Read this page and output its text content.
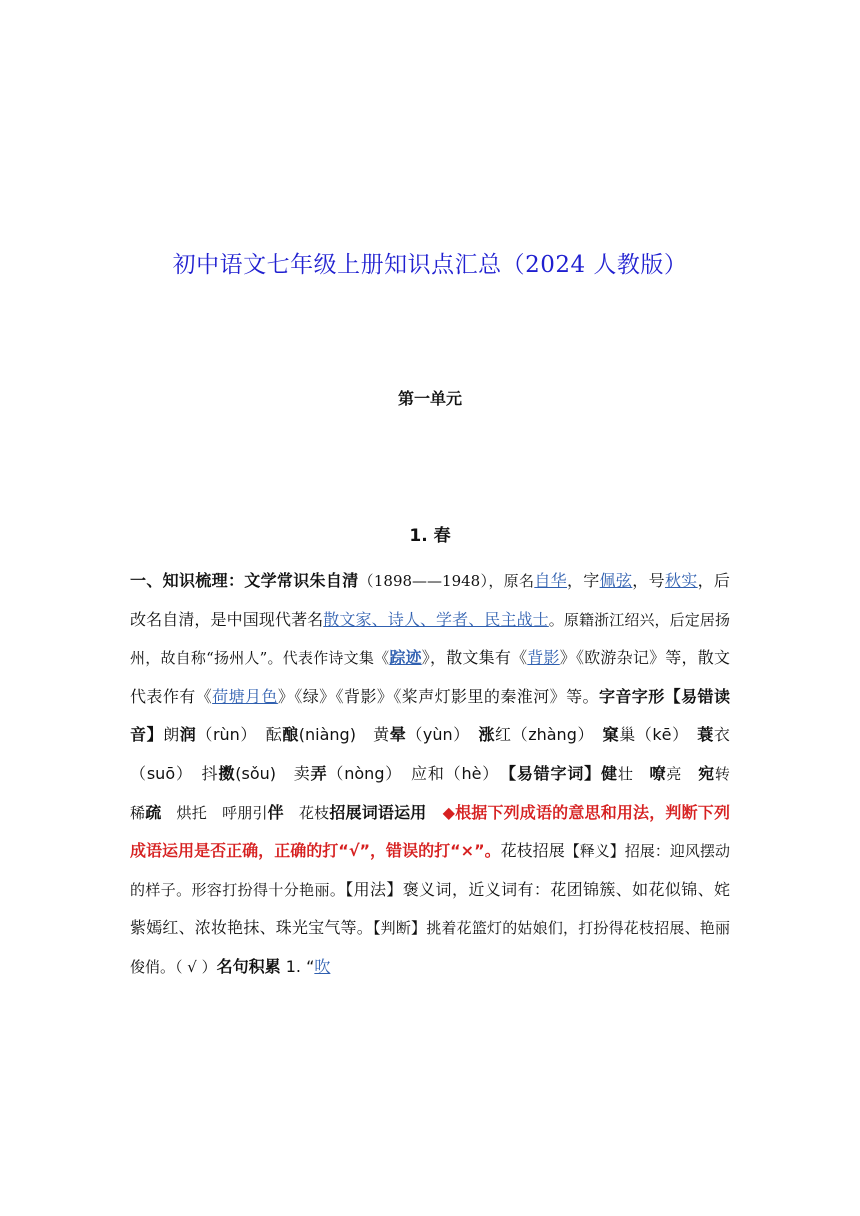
初中语文七年级上册知识点汇总（2024 人教版）
第一单元
1. 春

一、知识梳理：文学常识朱自清（1898——1948），原名自华，字佩弦，号秋实，后改名自清，是中国现代著名散文家、诗人、学者、民主战士。原籍浙江绍兴，后定居扬州，故自称“扬州人”。代表作诗文集《踪迹》，散文集有《背影》《欧游杂记》等，散文代表作有《荷塘月色》《绿》《背影》《桨声灯影里的秦淮河》等。字音字形【易错读音】朗润（rùn）　酝酿(niàng)　黄晕（yùn）　涨红（zhàng）　窠巢（kē）　蓑衣（suō）　抖擞(sǒu)　卖弄（nòng）　应和（hè）　【易错字词】健壮　嘹亮　宛转　稀疏　烘托　呼朋引伴　花枝招展词语运用　◆根据下列成语的意思和用法，判断下列成语运用是否正确，正确的打“√”，错误的打“×”。花枝招展【释义】招展：迎风摆动的样子。形容打扮得十分艳丽。【用法】褒义词，近义词有：花团锦簇、如花似锦、姹紫嫣红、浓妆艳抹、珠光宝气等。【判断】挑着花篮灯的姑娘们，打扮得花枝招展、艳丽俊俏。（ √ ）名句积累 1. “吹
